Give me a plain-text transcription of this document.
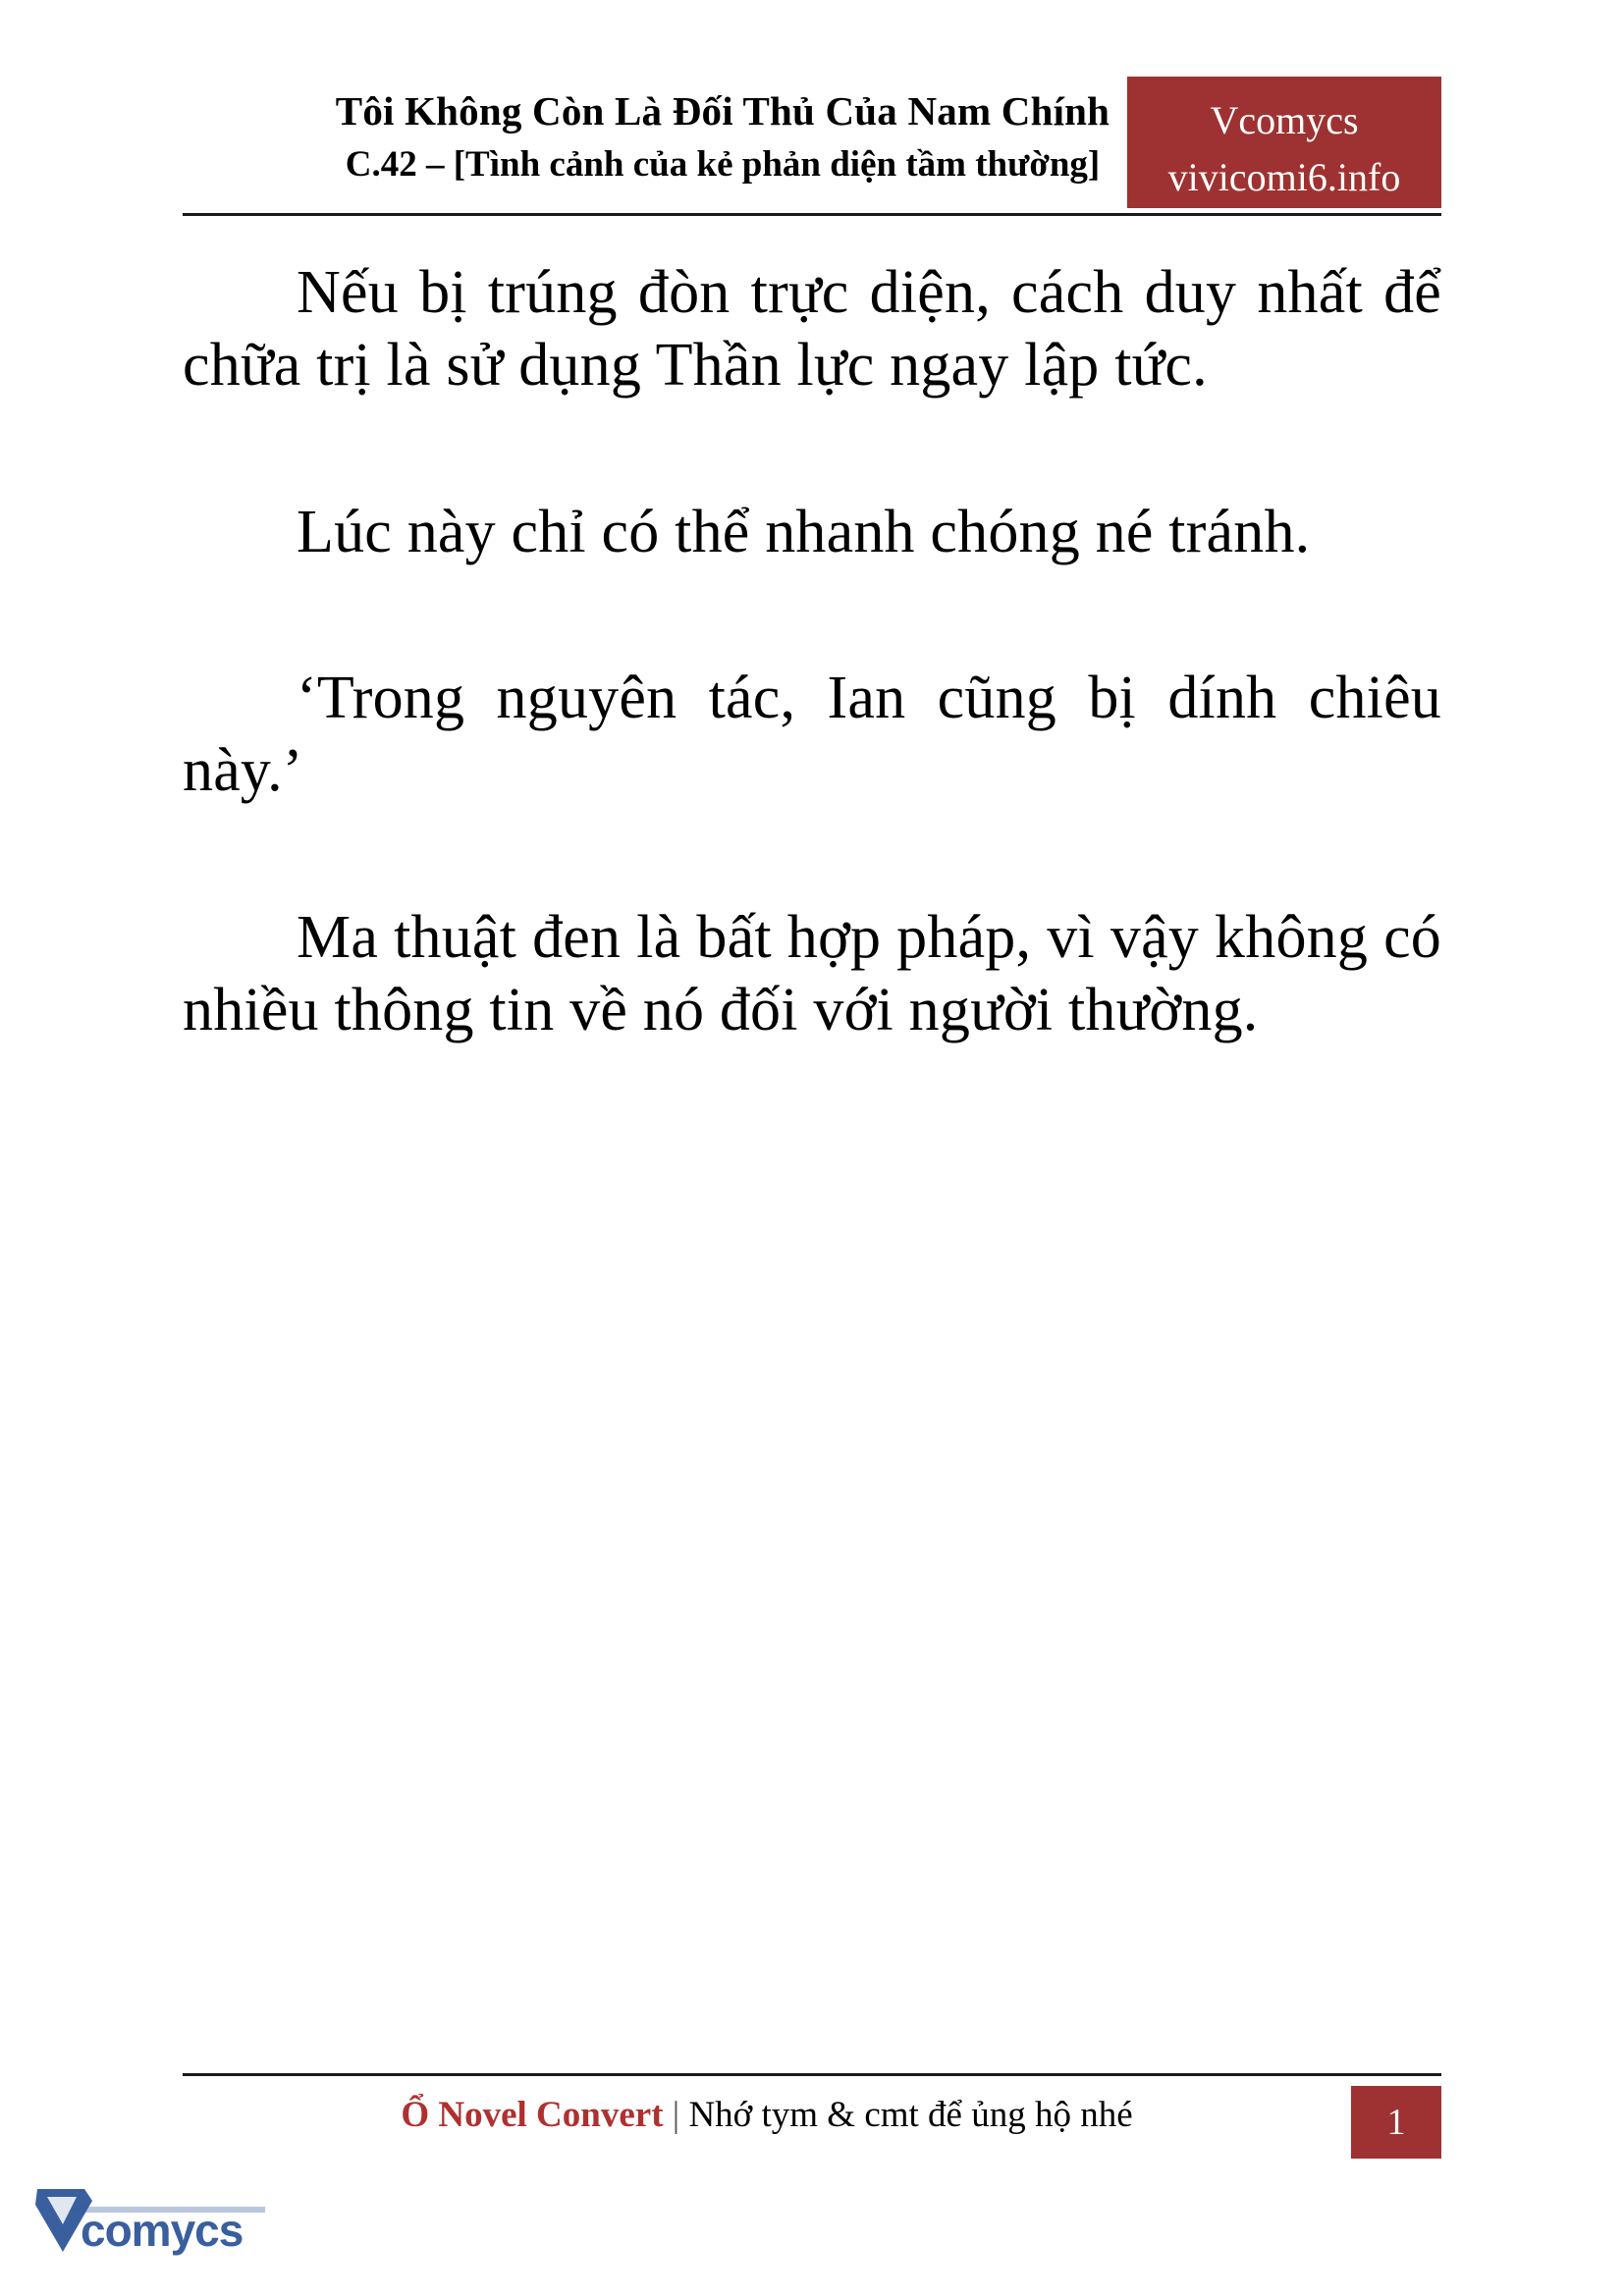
Tôi Không Còn Là Đối Thủ Của Nam Chính
C.42 – [Tình cảnh của kẻ phản diện tầm thường]
Vcomycs
vivicomi6.info

Nếu bị trúng đòn trực diện, cách duy nhất để chữa trị là sử dụng Thần lực ngay lập tức.

Lúc này chỉ có thể nhanh chóng né tránh.

‘Trong nguyên tác, Ian cũng bị dính chiêu này.’

Ma thuật đen là bất hợp pháp, vì vậy không có nhiều thông tin về nó đối với người thường.

Ổ Novel Convert | Nhớ tym & cmt để ủng hộ nhé	1
comycs
